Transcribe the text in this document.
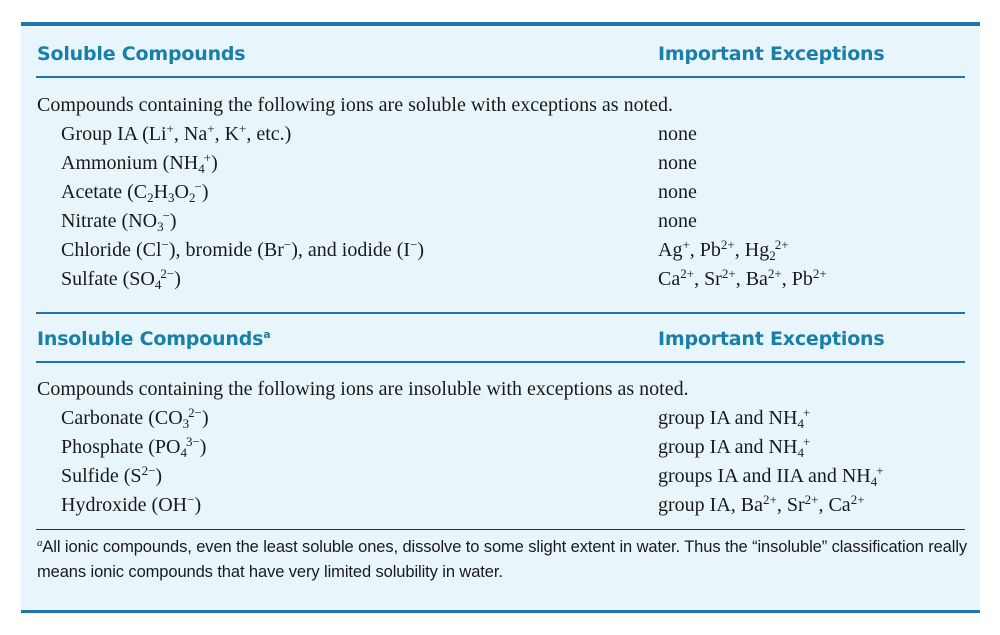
Soluble Compounds	Important Exceptions
Compounds containing the following ions are soluble with exceptions as noted.
Group IA (Li+, Na+, K+, etc.)	none
Ammonium $(NH_4^+)$	none
Acetate $(C_2H_3O_2^-)$	none
Nitrate $(NO_3^-)$	none
Chloride (Cl−), bromide (Br−), and iodide (I−)	Ag+, $Pb^{2+}$, $Hg_2^{2+}$
Sulfate $(SO_4^{2-})$	$Ca^{2+}$, $Sr^{2+}$, $Ba^{2+}$, $Pb^{2+}$
Insoluble Compounds$^a$	Important Exceptions
Compounds containing the following ions are insoluble with exceptions as noted.
Carbonate $(CO_3^{2-})$	group IA and $NH_4^+$
Phosphate $(PO_4^{3-})$	group IA and $NH_4^+$
Sulfide $(S^{2-})$	groups IA and IIA and $NH_4^+$
Hydroxide (OH−)	group IA, $Ba^{2+}$, $Sr^{2+}$, $Ca^{2+}$
$^a$All ionic compounds, even the least soluble ones, dissolve to some slight extent in water. Thus the “insoluble” classification really means ionic compounds that have very limited solubility in water.
